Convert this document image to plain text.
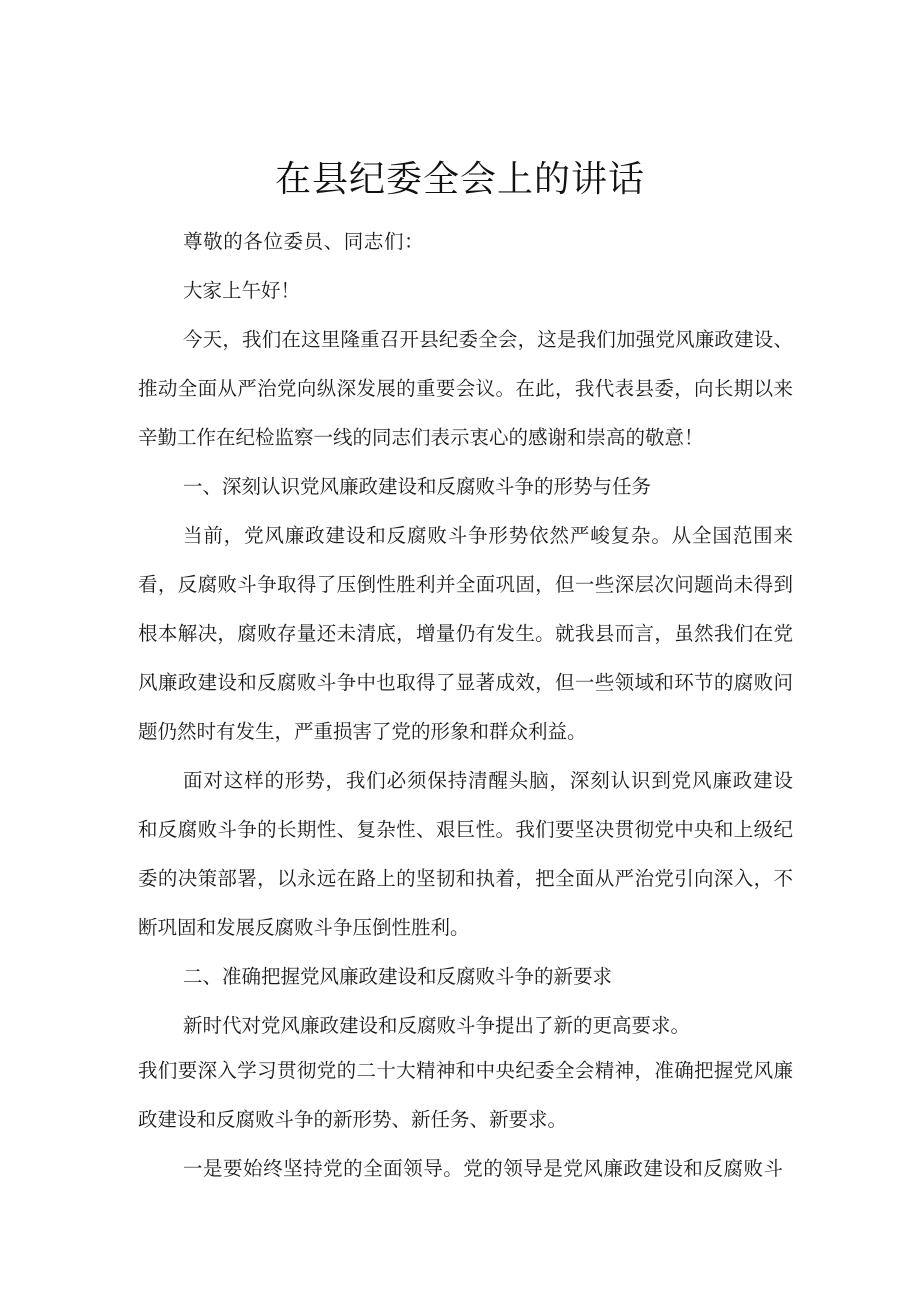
在县纪委全会上的讲话
尊敬的各位委员、同志们：
大家上午好！
今天，我们在这里隆重召开县纪委全会，这是我们加强党风廉政建设、
推动全面从严治党向纵深发展的重要会议。在此，我代表县委，向长期以来
辛勤工作在纪检监察一线的同志们表示衷心的感谢和崇高的敬意！
一、深刻认识党风廉政建设和反腐败斗争的形势与任务
当前，党风廉政建设和反腐败斗争形势依然严峻复杂。从全国范围来
看，反腐败斗争取得了压倒性胜利并全面巩固，但一些深层次问题尚未得到
根本解决，腐败存量还未清底，增量仍有发生。就我县而言，虽然我们在党
风廉政建设和反腐败斗争中也取得了显著成效，但一些领域和环节的腐败问
题仍然时有发生，严重损害了党的形象和群众利益。
面对这样的形势，我们必须保持清醒头脑，深刻认识到党风廉政建设
和反腐败斗争的长期性、复杂性、艰巨性。我们要坚决贯彻党中央和上级纪
委的决策部署，以永远在路上的坚韧和执着，把全面从严治党引向深入，不
断巩固和发展反腐败斗争压倒性胜利。
二、准确把握党风廉政建设和反腐败斗争的新要求
新时代对党风廉政建设和反腐败斗争提出了新的更高要求。
我们要深入学习贯彻党的二十大精神和中央纪委全会精神，准确把握党风廉
政建设和反腐败斗争的新形势、新任务、新要求。
一是要始终坚持党的全面领导。党的领导是党风廉政建设和反腐败斗
